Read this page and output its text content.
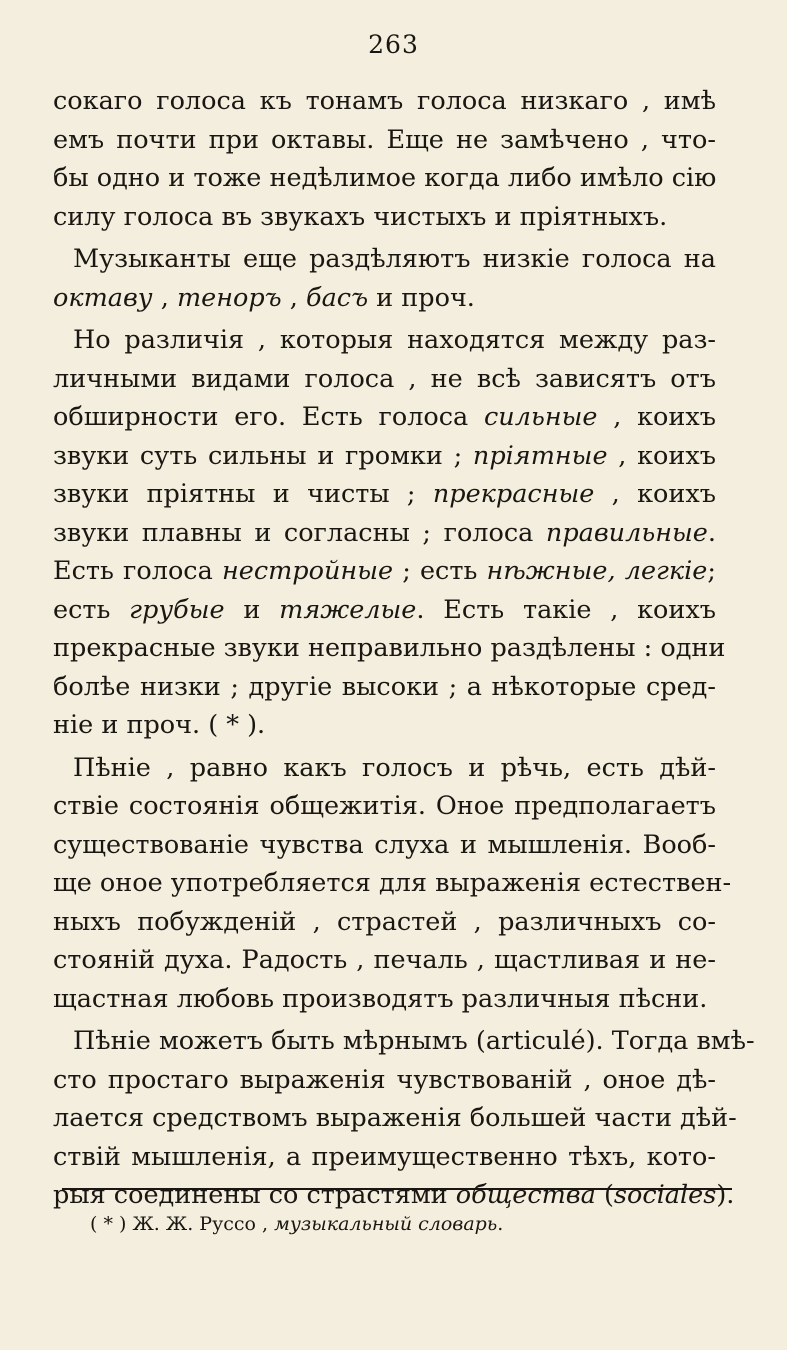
263
сокаго голоса къ тонамъ голоса низкаго , имѣ
емъ почти при октавы. Еще не замѣчено , чтo-
бы одно и тоже недѣлимое когда либо имѣло сію
силу голоса въ звукахъ чистыхъ и пріятныхъ.
Музыканты еще раздѣляютъ низкіе голоса на
октаву , теноръ , басъ и проч.
Но различія , которыя находятся между раз-
личными видами голоса , не всѣ зависятъ отъ
обширности его. Есть голоса сильные , коихъ
звуки суть сильны и громки ; пріятные , коихъ
звуки пріятны и чисты ; прекрасные , коихъ
звуки плавны и согласны ; голоса правильные.
Есть голоса нестройные ; есть нѣжные, легкіе;
есть грубые и тяжелые. Есть такіе , коихъ
прекрасные звуки неправильно раздѣлены : одни
болѣе низки ; другіе высоки ; а нѣкоторые сред-
ніе и проч. ( * ).
Пѣніе , равно какъ голосъ и рѣчь, есть дѣй-
ствіе состоянія общежитія. Оное предполагаетъ
существованіе чувства слуха и мышленія. Вооб-
ще оное употребляется для выраженія естествен-
ныхъ побужденій , страстей , различныхъ со-
стояній духа. Радость , печаль , щастливая и не-
щастная любовь производятъ различныя пѣсни.
Пѣніе можетъ быть мѣрнымъ (articulé). Тогда вмѣ-
сто простаго выраженія чувствованій , оное дѣ-
лается средствомъ выраженія большей части дѣй-
ствій мышленія, а преимущественно тѣхъ, кото-
рыя соединены со страстями общества (sociales).
( * ) Ж. Ж. Руссо , музыкальный словарь.
